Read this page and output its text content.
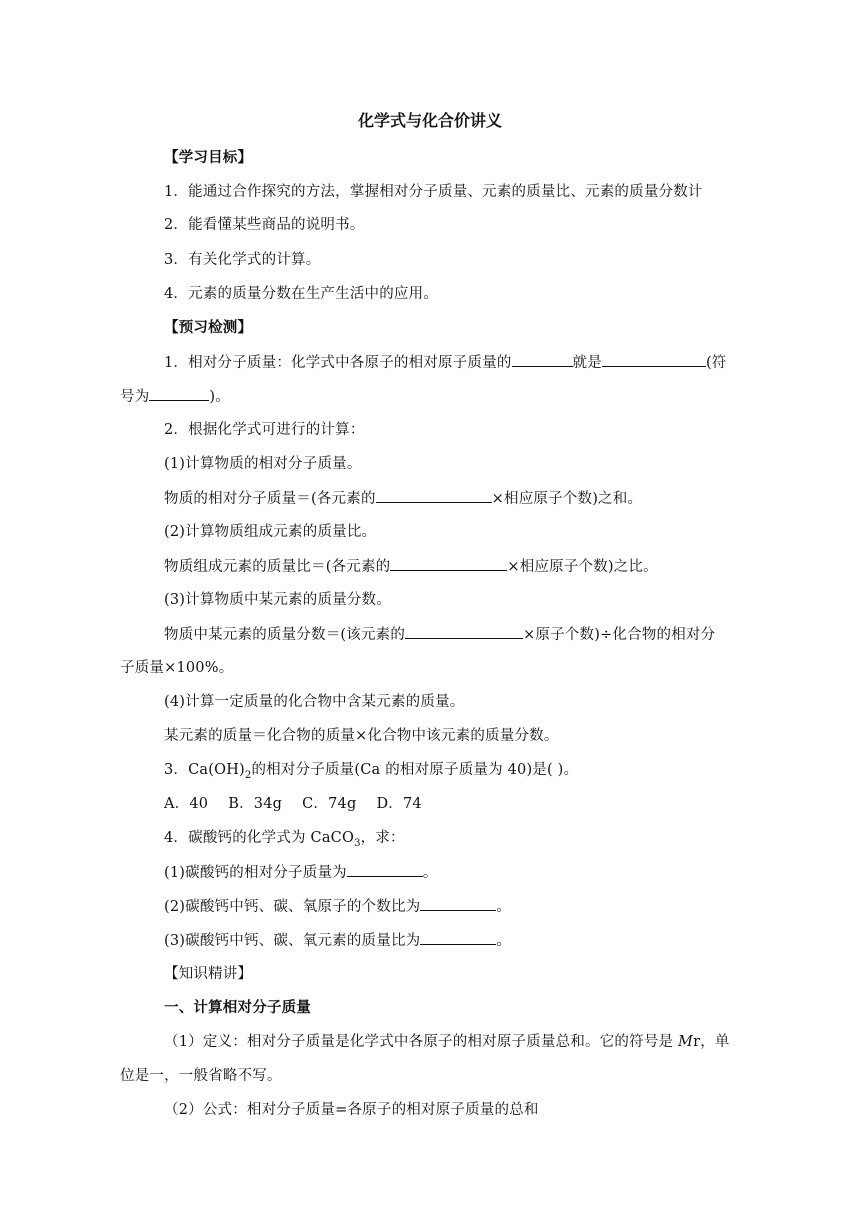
化学式与化合价讲义
【学习目标】
1．能通过合作探究的方法，掌握相对分子质量、元素的质量比、元素的质量分数计
2．能看懂某些商品的说明书。
3．有关化学式的计算。
4．元素的质量分数在生产生活中的应用。
【预习检测】
1．相对分子质量：化学式中各原子的相对原子质量的	就是	(符
号为	)。
2．根据化学式可进行的计算：
(1)计算物质的相对分子质量。
物质的相对分子质量＝(各元素的	×相应原子个数)之和。
(2)计算物质组成元素的质量比。
物质组成元素的质量比＝(各元素的	×相应原子个数)之比。
(3)计算物质中某元素的质量分数。
物质中某元素的质量分数＝(该元素的	×原子个数)÷化合物的相对分
子质量×100%。
(4)计算一定质量的化合物中含某元素的质量。
某元素的质量＝化合物的质量×化合物中该元素的质量分数。
3．$Ca(OH)_2$的相对分子质量(Ca 的相对原子质量为 40)是( )。
A．40 B．34g C．74g D．74
4．碳酸钙的化学式为 CaCO$_3$，求：
(1)碳酸钙的相对分子质量为	。
(2)碳酸钙中钙、碳、氧原子的个数比为	。
(3)碳酸钙中钙、碳、氧元素的质量比为	。
【知识精讲】
一、计算相对分子质量
（1）定义：相对分子质量是化学式中各原子的相对原子质量总和。它的符号是 Mr，单
位是一，一般省略不写。
（2）公式：相对分子质量=各原子的相对原子质量的总和
